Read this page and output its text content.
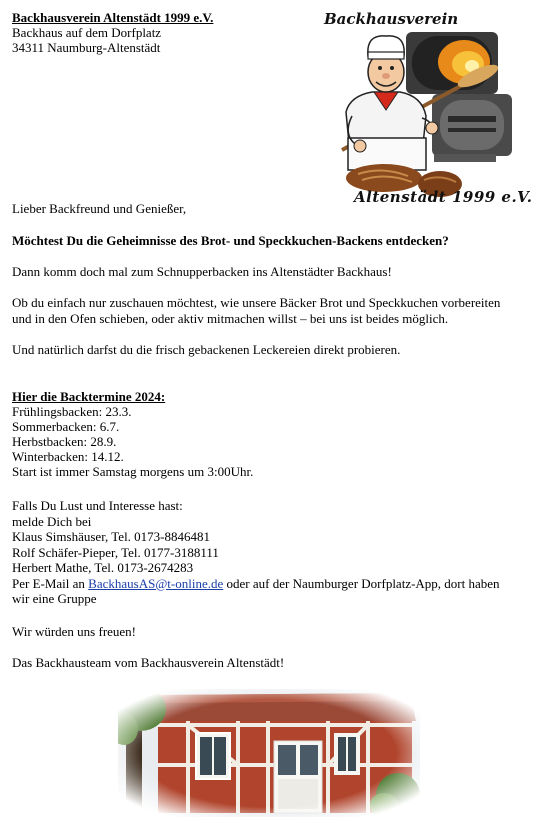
Backhausverein Altenstädt 1999 e.V.
Backhaus auf dem Dorfplatz
34311 Naumburg-Altenstädt
Backhausverein
Altenstädt 1999 e.V.
Lieber Backfreund und Genießer,
Möchtest Du die Geheimnisse des Brot- und Speckkuchen-Backens entdecken?
Dann komm doch mal zum Schnupperbacken ins Altenstädter Backhaus!
Ob du einfach nur zuschauen möchtest, wie unsere Bäcker Brot und Speckkuchen vorbereiten
und in den Ofen schieben, oder aktiv mitmachen willst – bei uns ist beides möglich.
Und natürlich darfst du die frisch gebackenen Leckereien direkt probieren.
Hier die Backtermine 2024:
Frühlingsbacken: 23.3.
Sommerbacken: 6.7.
Herbstbacken: 28.9.
Winterbacken: 14.12.
Start ist immer Samstag morgens um 3:00Uhr.
Falls Du Lust und Interesse hast:
melde Dich bei
Klaus Simshäuser, Tel. 0173-8846481
Rolf Schäfer-Pieper, Tel. 0177-3188111
Herbert Mathe, Tel. 0173-2674283
Per E-Mail an BackhausAS@t-online.de oder auf der Naumburger Dorfplatz-App, dort haben
wir eine Gruppe
Wir würden uns freuen!
Das Backhausteam vom Backhausverein Altenstädt!
